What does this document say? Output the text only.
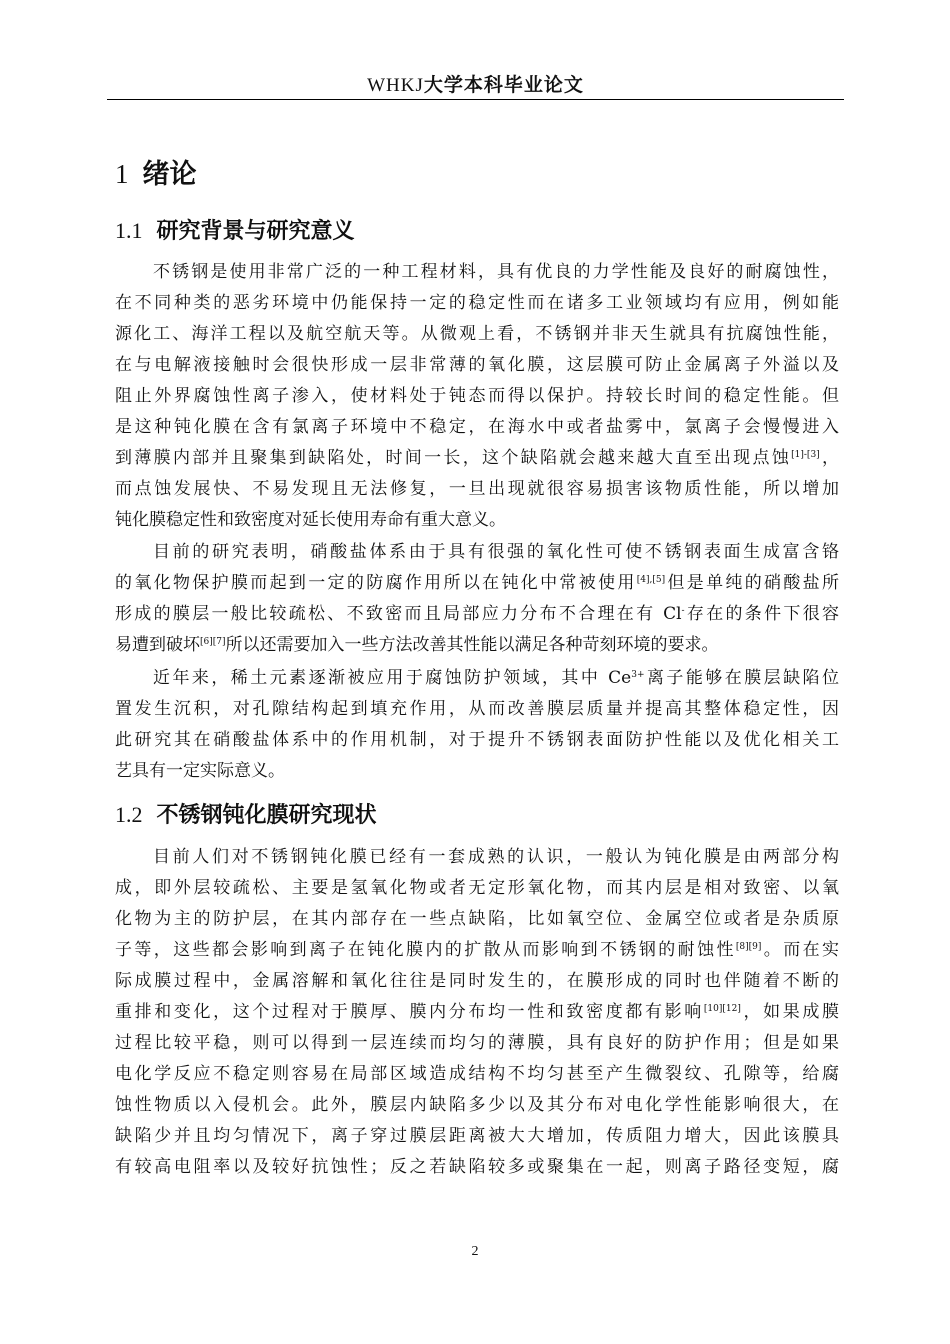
WHKJ大学本科毕业论文
1 绪论
1.1 研究背景与研究意义
不锈钢是使用非常广泛的一种工程材料，具有优良的力学性能及良好的耐腐蚀性，
在不同种类的恶劣环境中仍能保持一定的稳定性而在诸多工业领域均有应用，例如能
源化工、海洋工程以及航空航天等。从微观上看，不锈钢并非天生就具有抗腐蚀性能，
在与电解液接触时会很快形成一层非常薄的氧化膜，这层膜可防止金属离子外溢以及
阻止外界腐蚀性离子渗入，使材料处于钝态而得以保护。持较长时间的稳定性能。但
是这种钝化膜在含有氯离子环境中不稳定，在海水中或者盐雾中，氯离子会慢慢进入
到薄膜内部并且聚集到缺陷处，时间一长，这个缺陷就会越来越大直至出现点蚀[1]-[3]，
而点蚀发展快、不易发现且无法修复，一旦出现就很容易损害该物质性能，所以增加
钝化膜稳定性和致密度对延长使用寿命有重大意义。
目前的研究表明，硝酸盐体系由于具有很强的氧化性可使不锈钢表面生成富含铬
的氧化物保护膜而起到一定的防腐作用所以在钝化中常被使用[4],[5]但是单纯的硝酸盐所
形成的膜层一般比较疏松、不致密而且局部应力分布不合理在有 Cl-存在的条件下很容
易遭到破坏[6][7]所以还需要加入一些方法改善其性能以满足各种苛刻环境的要求。
近年来，稀土元素逐渐被应用于腐蚀防护领域，其中 $Ce^{3+}$离子能够在膜层缺陷位
置发生沉积，对孔隙结构起到填充作用，从而改善膜层质量并提高其整体稳定性，因
此研究其在硝酸盐体系中的作用机制，对于提升不锈钢表面防护性能以及优化相关工
艺具有一定实际意义。
1.2 不锈钢钝化膜研究现状
目前人们对不锈钢钝化膜已经有一套成熟的认识，一般认为钝化膜是由两部分构
成，即外层较疏松、主要是氢氧化物或者无定形氧化物，而其内层是相对致密、以氧
化物为主的防护层，在其内部存在一些点缺陷，比如氧空位、金属空位或者是杂质原
子等，这些都会影响到离子在钝化膜内的扩散从而影响到不锈钢的耐蚀性[8][9]。而在实
际成膜过程中，金属溶解和氧化往往是同时发生的，在膜形成的同时也伴随着不断的
重排和变化，这个过程对于膜厚、膜内分布均一性和致密度都有影响[10][12]，如果成膜
过程比较平稳，则可以得到一层连续而均匀的薄膜，具有良好的防护作用；但是如果
电化学反应不稳定则容易在局部区域造成结构不均匀甚至产生微裂纹、孔隙等，给腐
蚀性物质以入侵机会。此外，膜层内缺陷多少以及其分布对电化学性能影响很大，在
缺陷少并且均匀情况下，离子穿过膜层距离被大大增加，传质阻力增大，因此该膜具
有较高电阻率以及较好抗蚀性；反之若缺陷较多或聚集在一起，则离子路径变短，腐
2
